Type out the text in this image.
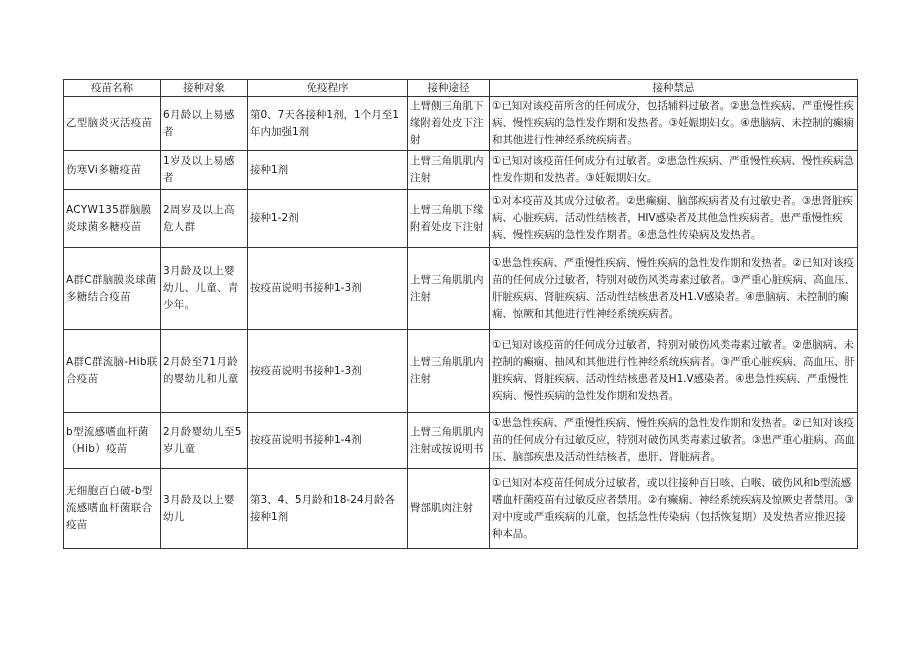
疫苗名称	接种对象	免疫程序	接种途径	接种禁忌
乙型脑炎灭活疫苗	6月龄以上易感者	第0、7天各接种1剂，1个月至1年内加强1剂	上臂侧三角肌下缘附着处皮下注射	①已知对该疫苗所含的任何成分，包括辅料过敏者。②患急性疾病、严重慢性疾病、慢性疾病的急性发作期和发热者。③妊娠期妇女。④患脑病、未控制的癫痫和其他进行性神经系统疾病者。
伤寒Vi多糖疫苗	1岁及以上易感者	接种1剂	上臂三角肌肌内注射	①已知对该疫苗任何成分有过敏者。②患急性疾病、严重慢性疾病、慢性疾病急性发作期和发热者。③妊娠期妇女。
ACYW135群脑膜炎球菌多糖疫苗	2周岁及以上高危人群	接种1-2剂	上臂三角肌下缘附着处皮下注射	①对本疫苗及其成分过敏者。②患癫痫、脑部疾病者及有过敏史者。③患肾脏疾病、心脏疾病、活动性结核者，HIV感染者及其他急性疾病者。患严重慢性疾病、慢性疾病的急性发作期者。④患急性传染病及发热者。
A群C群脑膜炎球菌多糖结合疫苗	3月龄及以上婴幼儿、儿童、青少年。	按疫苗说明书接种1-3剂	上臂三角肌肌内注射	①患急性疾病、严重慢性疾病、慢性疾病的急性发作期和发热者。②已知对该疫苗的任何成分过敏者，特别对破伤风类毒素过敏者。③严重心脏疾病、高血压、肝脏疾病、肾脏疾病、活动性结核患者及H1.V感染者。④患脑病、未控制的癫痫、惊厥和其他进行性神经系统疾病者。
A群C群流脑-Hib联合疫苗	2月龄至71月龄的婴幼儿和儿童	按疫苗说明书接种1-3剂	上臂三角肌肌内注射	①已知对该疫苗的任何成分过敏者，特别对破伤风类毒素过敏者。②患脑病、未控制的癫痫、抽风和其他进行性神经系统疾病者。③严重心脏疾病、高血压、肝脏疾病、肾脏疾病、活动性结核患者及H1.V感染者。④患急性疾病、严重慢性疾病、慢性疾病的急性发作期和发热者。
b型流感嗜血杆菌（Hib）疫苗	2月龄婴幼儿至5岁儿童	按疫苗说明书接种1-4剂	上臂三角肌肌内注射或按说明书	①患急性疾病、严重慢性疾病、慢性疾病的急性发作期和发热者。②已知对该疫苗的任何成分有过敏反应，特别对破伤风类毒素过敏者。③患严重心脏病、高血压、脑部疾患及活动性结核者，患肝、肾脏病者。
无细胞百白破-b型流感嗜血杆菌联合疫苗	3月龄及以上婴幼儿	第3、4、5月龄和18-24月龄各接种1剂	臀部肌肉注射	①已知对本疫苗任何成分过敏者，或以往接种百日咳、白喉、破伤风和b型流感嗜血杆菌疫苗有过敏反应者禁用。②有癫痫、神经系统疾病及惊厥史者禁用。③对中度或严重疾病的儿童，包括急性传染病（包括恢复期）及发热者应推迟接种本品。
